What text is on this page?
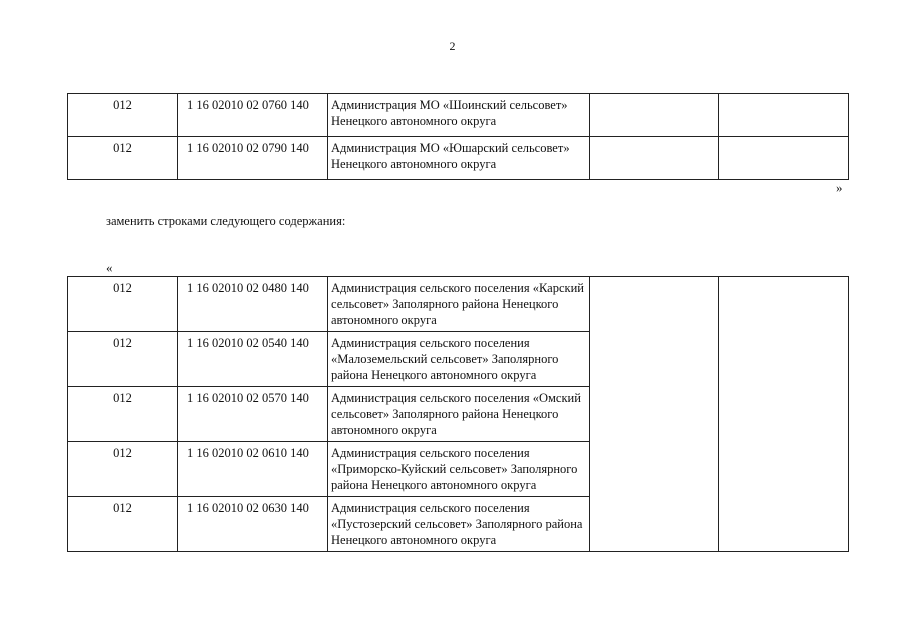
2
012	1 16 02010 02 0760 140	Администрация МО «Шоинский сельсовет» Ненецкого автономного округа		
012	1 16 02010 02 0790 140	Администрация МО «Юшарский сельсовет» Ненецкого автономного округа		
»
заменить строками следующего содержания:
«
012	1 16 02010 02 0480 140	Администрация сельского поселения «Карский сельсовет» Заполярного района Ненецкого автономного округа		
012	1 16 02010 02 0540 140	Администрация сельского поселения «Малоземельский сельсовет» Заполярного района Ненецкого автономного округа		
012	1 16 02010 02 0570 140	Администрация сельского поселения «Омский сельсовет» Заполярного района Ненецкого автономного округа		
012	1 16 02010 02 0610 140	Администрация сельского поселения «Приморско-Куйский сельсовет» Заполярного района Ненецкого автономного округа		
012	1 16 02010 02 0630 140	Администрация сельского поселения «Пустозерский сельсовет» Заполярного района Ненецкого автономного округа		
